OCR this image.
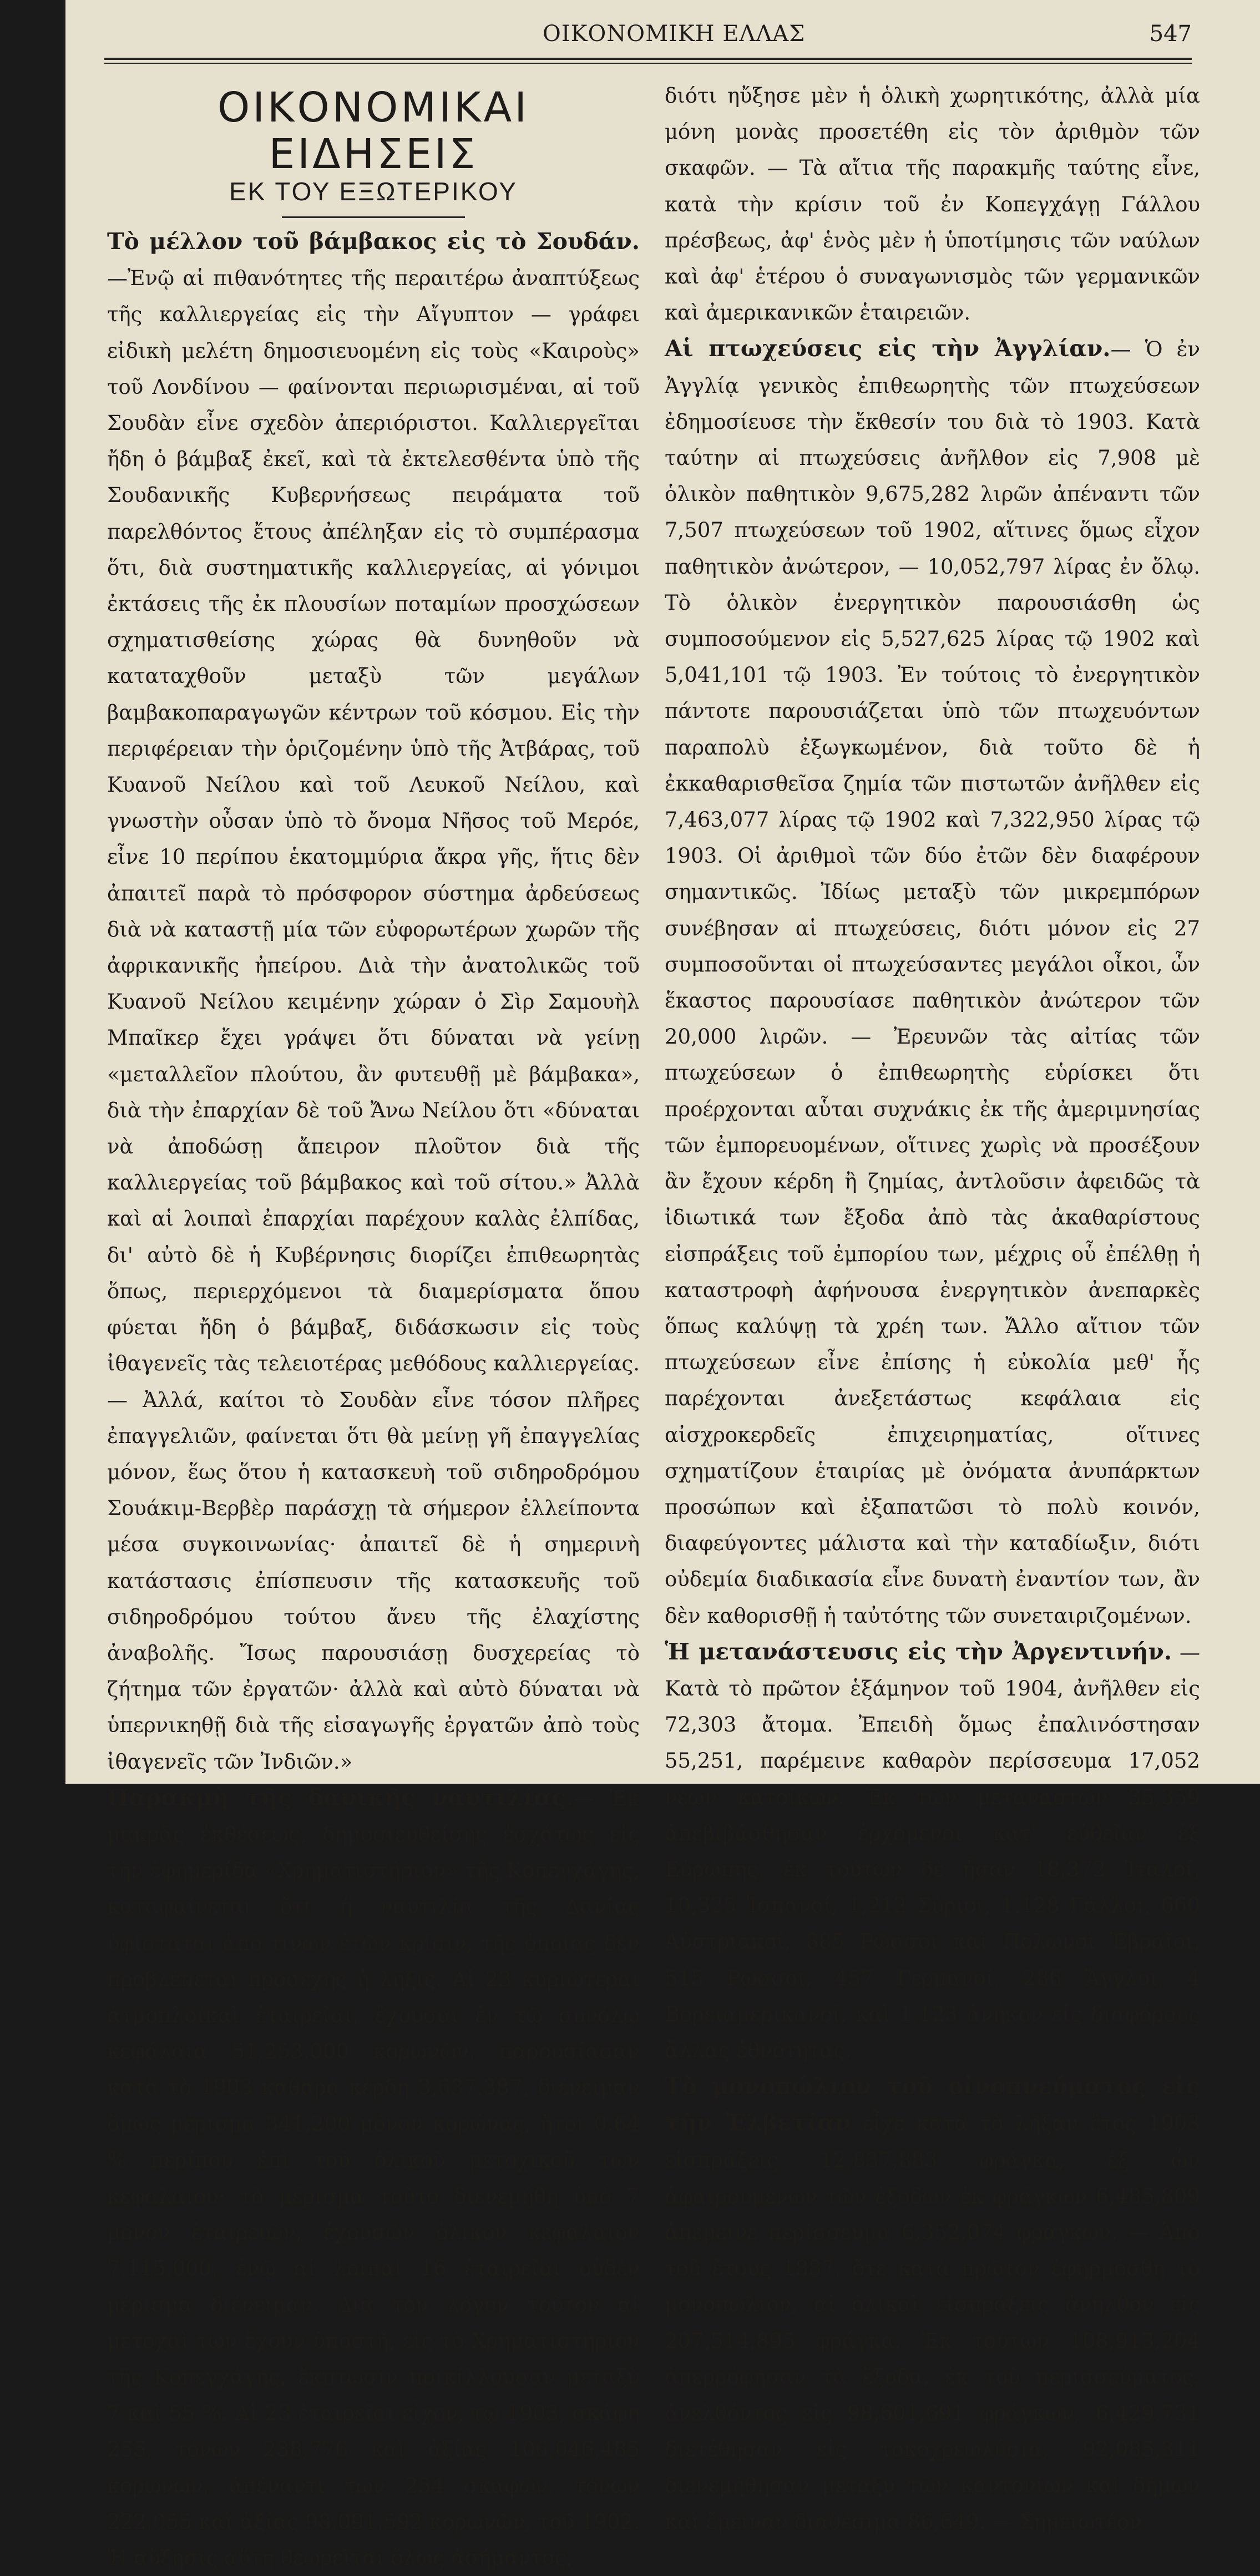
ΟΙΚΟΝΟΜΙΚΗ ΕΛΛΑΣ	547
ΟΙΚΟΝΟΜΙΚΑΙ ΕΙΔΗΣΕΙΣ
ΕΚ ΤΟΥ ΕΞΩΤΕΡΙΚΟΥ

Τὸ μέλλον τοῦ βάμβακος εἰς τὸ Σουδάν.—Ἐνῷ αἱ πιθανότητες τῆς περαιτέρω ἀναπτύξεως τῆς καλλιεργείας εἰς τὴν Αἴγυπτον — γράφει εἰδικὴ μελέτη δημοσιευομένη εἰς τοὺς «Καιροὺς» τοῦ Λονδίνου — φαίνονται περιωρισμέναι, αἱ τοῦ Σουδὰν εἶνε σχεδὸν ἀπεριόριστοι. Καλλιεργεῖται ἤδη ὁ βάμβαξ ἐκεῖ, καὶ τὰ ἐκτελεσθέντα ὑπὸ τῆς Σουδανικῆς Κυβερνήσεως πειράματα τοῦ παρελθόντος ἔτους ἀπέληξαν εἰς τὸ συμπέρασμα ὅτι, διὰ συστηματικῆς καλλιεργείας, αἱ γόνιμοι ἐκτάσεις τῆς ἐκ πλουσίων ποταμίων προσχώσεων σχηματισθείσης χώρας θὰ δυνηθοῦν νὰ καταταχθοῦν μεταξὺ τῶν μεγάλων βαμβακοπαραγωγῶν κέντρων τοῦ κόσμου. Εἰς τὴν περιφέρειαν τὴν ὁριζομένην ὑπὸ τῆς Ἀτβάρας, τοῦ Κυανοῦ Νείλου καὶ τοῦ Λευκοῦ Νείλου, καὶ γνωστὴν οὖσαν ὑπὸ τὸ ὄνομα Νῆσος τοῦ Μερόε, εἶνε 10 περίπου ἑκατομμύρια ἄκρα γῆς, ἥτις δὲν ἀπαιτεῖ παρὰ τὸ πρόσφορον σύστημα ἀρδεύσεως διὰ νὰ καταστῇ μία τῶν εὐφορωτέρων χωρῶν τῆς ἀφρικανικῆς ἠπείρου. Διὰ τὴν ἀνατολικῶς τοῦ Κυανοῦ Νείλου κειμένην χώραν ὁ Σὶρ Σαμουὴλ Μπαῖκερ ἔχει γράψει ὅτι δύναται νὰ γείνῃ «μεταλλεῖον πλούτου, ἂν φυτευθῇ μὲ βάμβακα», διὰ τὴν ἐπαρχίαν δὲ τοῦ Ἄνω Νείλου ὅτι «δύναται νὰ ἀποδώσῃ ἄπειρον πλοῦτον διὰ τῆς καλλιεργείας τοῦ βάμβακος καὶ τοῦ σίτου.» Ἀλλὰ καὶ αἱ λοιπαὶ ἐπαρχίαι παρέχουν καλὰς ἐλπίδας, δι' αὐτὸ δὲ ἡ Κυβέρνησις διορίζει ἐπιθεωρητὰς ὅπως, περιερχόμενοι τὰ διαμερίσματα ὅπου φύεται ἤδη ὁ βάμβαξ, διδάσκωσιν εἰς τοὺς ἰθαγενεῖς τὰς τελειοτέρας μεθόδους καλλιεργείας. — Ἀλλά, καίτοι τὸ Σουδὰν εἶνε τόσον πλῆρες ἐπαγγελιῶν, φαίνεται ὅτι θὰ μείνῃ γῆ ἐπαγγελίας μόνον, ἕως ὅτου ἡ κατασκευὴ τοῦ σιδηροδρόμου Σουάκιμ-Βερβὲρ παράσχῃ τὰ σήμερον ἐλλείποντα μέσα συγκοινωνίας· ἀπαιτεῖ δὲ ἡ σημερινὴ κατάστασις ἐπίσπευσιν τῆς κατασκευῆς τοῦ σιδηροδρόμου τούτου ἄνευ τῆς ἐλαχίστης ἀναβολῆς. Ἴσως παρουσιάσῃ δυσχερείας τὸ ζήτημα τῶν ἐργατῶν· ἀλλὰ καὶ αὐτὸ δύναται νὰ ὑπερνικηθῇ διὰ τῆς εἰσαγωγῆς ἐργατῶν ἀπὸ τοὺς ἰθαγενεῖς τῶν Ἰνδιῶν.»

Παρακμὴ τῆς δανικῆς ναυτιλίας.— Ἐκ μακρᾶς ἐκθέσεως, δημοσιευθείσης ἐσχάτως εἰς τὴν ἐφημερίδα «Χρηματιστήριον» τῆς Κοπεγχάγης, καταφαίνεται ὅτι ἡ ναυτιλία τῆς Δανίας ὑφίσταται ἀπὸ τινων ἐτῶν κρίσιν, τῆς ὁποίας δὲν προβλέπεται προσεχὴς ἡ λῆξις. Αἱ 23 κυριώτεραι ἀτμοπλοϊκαὶ ἑταιρεῖαι, ἔχουσαι ἐν τῷ συνόλῳ κεφάλαια 51,253,000 κορωνῶν, παρουσίασαν κατὰ τὸ 1903 καθαρὰ κέρδη 3,637,387, διένειμαν ὅμως μέρισμα 341,200 μόνον κορώνας, ἤτοι 0.64 % περίπου ἐπὶ τοῦ ὁλικοῦ μετοχικοῦ των κεφαλαίου· τὸ μέρισμα τοῦτο διενεμήθη ὑπὸ 7 μόνον ἑταιρειῶν, ἐχουσῶν ὁλικὸν κεφάλαιον 7,115,000, ἐνῷ αἱ λοιπαὶ 16 ἑταιρεῖαι οὐδὲν μέρισμα διένειμαν. Διὰ τὸν λόγον τοῦτον αἱ μετοχαὶ των ἔχουν ὑποστῆ, εἰς τὸ Χρηματιστήριον τῆς Κοπεγχάγης, ἔκπτωσιν ποικίλλουσαν μεταξὺ 7 καὶ 55 %. Αἱ 23 ἑταιρεῖαι εἶχον, τῷ 1903, σκάφη 255, τόνων 238,776 καὶ ἀξίας 106,046,485 κορωνῶν, ἀπέναντι τῶν 254 σκαφῶν, τόνων 222,055 καὶ ἀξίας 98,091,592 κορωνῶν, τοῦ 1902. Ἡ αὔξησις αὕτη θεωρεῖται ὅλως ἀσήμαντος,

διότι ηὔξησε μὲν ἡ ὁλικὴ χωρητικότης, ἀλλὰ μία μόνη μονὰς προσετέθη εἰς τὸν ἀριθμὸν τῶν σκαφῶν. — Τὰ αἴτια τῆς παρακμῆς ταύτης εἶνε, κατὰ τὴν κρίσιν τοῦ ἐν Κοπεγχάγῃ Γάλλου πρέσβεως, ἀφ' ἑνὸς μὲν ἡ ὑποτίμησις τῶν ναύλων καὶ ἀφ' ἑτέρου ὁ συναγωνισμὸς τῶν γερμανικῶν καὶ ἀμερικανικῶν ἑταιρειῶν.

Αἱ πτωχεύσεις εἰς τὴν Ἀγγλίαν.— Ὁ ἐν Ἀγγλίᾳ γενικὸς ἐπιθεωρητὴς τῶν πτωχεύσεων ἐδημοσίευσε τὴν ἔκθεσίν του διὰ τὸ 1903. Κατὰ ταύτην αἱ πτωχεύσεις ἀνῆλθον εἰς 7,908 μὲ ὁλικὸν παθητικὸν 9,675,282 λιρῶν ἀπέναντι τῶν 7,507 πτωχεύσεων τοῦ 1902, αἵτινες ὅμως εἶχον παθητικὸν ἀνώτερον, — 10,052,797 λίρας ἐν ὅλῳ. Τὸ ὁλικὸν ἐνεργητικὸν παρουσιάσθη ὡς συμποσούμενον εἰς 5,527,625 λίρας τῷ 1902 καὶ 5,041,101 τῷ 1903. Ἐν τούτοις τὸ ἐνεργητικὸν πάντοτε παρουσιάζεται ὑπὸ τῶν πτωχευόντων παραπολὺ ἐξωγκωμένον, διὰ τοῦτο δὲ ἡ ἐκκαθαρισθεῖσα ζημία τῶν πιστωτῶν ἀνῆλθεν εἰς 7,463,077 λίρας τῷ 1902 καὶ 7,322,950 λίρας τῷ 1903. Οἱ ἀριθμοὶ τῶν δύο ἐτῶν δὲν διαφέρουν σημαντικῶς. Ἰδίως μεταξὺ τῶν μικρεμπόρων συνέβησαν αἱ πτωχεύσεις, διότι μόνον εἰς 27 συμποσοῦνται οἱ πτωχεύσαντες μεγάλοι οἶκοι, ὧν ἕκαστος παρουσίασε παθητικὸν ἀνώτερον τῶν 20,000 λιρῶν. — Ἐρευνῶν τὰς αἰτίας τῶν πτωχεύσεων ὁ ἐπιθεωρητὴς εὑρίσκει ὅτι προέρχονται αὗται συχνάκις ἐκ τῆς ἀμεριμνησίας τῶν ἐμπορευομένων, οἵτινες χωρὶς νὰ προσέξουν ἂν ἔχουν κέρδη ἢ ζημίας, ἀντλοῦσιν ἀφειδῶς τὰ ἰδιωτικά των ἔξοδα ἀπὸ τὰς ἀκαθαρίστους εἰσπράξεις τοῦ ἐμπορίου των, μέχρις οὗ ἐπέλθῃ ἡ καταστροφὴ ἀφήνουσα ἐνεργητικὸν ἀνεπαρκὲς ὅπως καλύψῃ τὰ χρέη των. Ἄλλο αἴτιον τῶν πτωχεύσεων εἶνε ἐπίσης ἡ εὐκολία μεθ' ἧς παρέχονται ἀνεξετάστως κεφάλαια εἰς αἰσχροκερδεῖς ἐπιχειρηματίας, οἵτινες σχηματίζουν ἑταιρίας μὲ ὀνόματα ἀνυπάρκτων προσώπων καὶ ἐξαπατῶσι τὸ πολὺ κοινόν, διαφεύγοντες μάλιστα καὶ τὴν καταδίωξιν, διότι οὐδεμία διαδικασία εἶνε δυνατὴ ἐναντίον των, ἂν δὲν καθορισθῇ ἡ ταὐτότης τῶν συνεταιριζομένων.

Ἡ μετανάστευσις εἰς τὴν Ἀργεντινήν. — Κατὰ τὸ πρῶτον ἑξάμηνον τοῦ 1904, ἀνῆλθεν εἰς 72,303 ἄτομα. Ἐπειδὴ ὅμως ἐπαλινόστησαν 55,251, παρέμεινε καθαρὸν περίσσευμα 17,052 νέων κατοίκων. Ἐκ τῶν μεταναστῶν 35,359 ἀπεβιβάσθησαν ἐρχόμενοι κατ' εὐθεῖαν ἐξ Εὐρώπης, ἐκ τούτων δὲ ἦσαν 18,372 Ἰταλοί, 10,325 Ἱσπανοί, 1,212 Σύριοι, 1,128 Γάλλοι, 660 Αὐστριακοί, 885 Ρῶσσοι καὶ Πολωνοὶ Ἑβραῖοι, 515 Ρῶσσοι, 457 Γερμανοί, 286 Ἄγγλοι, 4 Βορειαμερικανοί, καὶ 1,123 ἀνήκον εἰς διαφόρους ἄλλας ἐθνότητας.

Τὸ μονοπώλιον τοῦ οἰνοπνεύματος εἰς τὴν Ἐλβετίαν εἶχε κατὰ τὸ λῆξαν ἔτος 1903 εἰσπράξεις 12,837,883 φράγκα, ἐξ ὧν ἀφαιρουμένων τῶν ἐξόδων ἐκ φράγκων 6,485,809 ἀπέμεινε περίσσευμα 6,352,074 φράγκων. — Ἀπὸ τοῦ ἔτους 1887, ὅτε κατὰ πρῶτον ἐφηρμόσθη τὸ μονοπώλιον, αἱ ὁλικαὶ εἰσπράξεις ἀνῆλθον εἰς 207,514,895 φράγκα. Ἐκ τούτων 108,913,204 ἀπερρόφησαν τὰ ἔξοδα, ἐκ τοῦ περισσεύματος, ἀνελθόντος εἰς 98,601,691 φράγκων, 6,429,731 διετέθησαν εἰς τοκοχρεωλύσια, 92,085,311 διενεμήθησαν μεταξὺ τῶν καντονίων καὶ δήμων καὶ ἔμειναν διαθέσιμα 86,649. — Σημειωτέον
